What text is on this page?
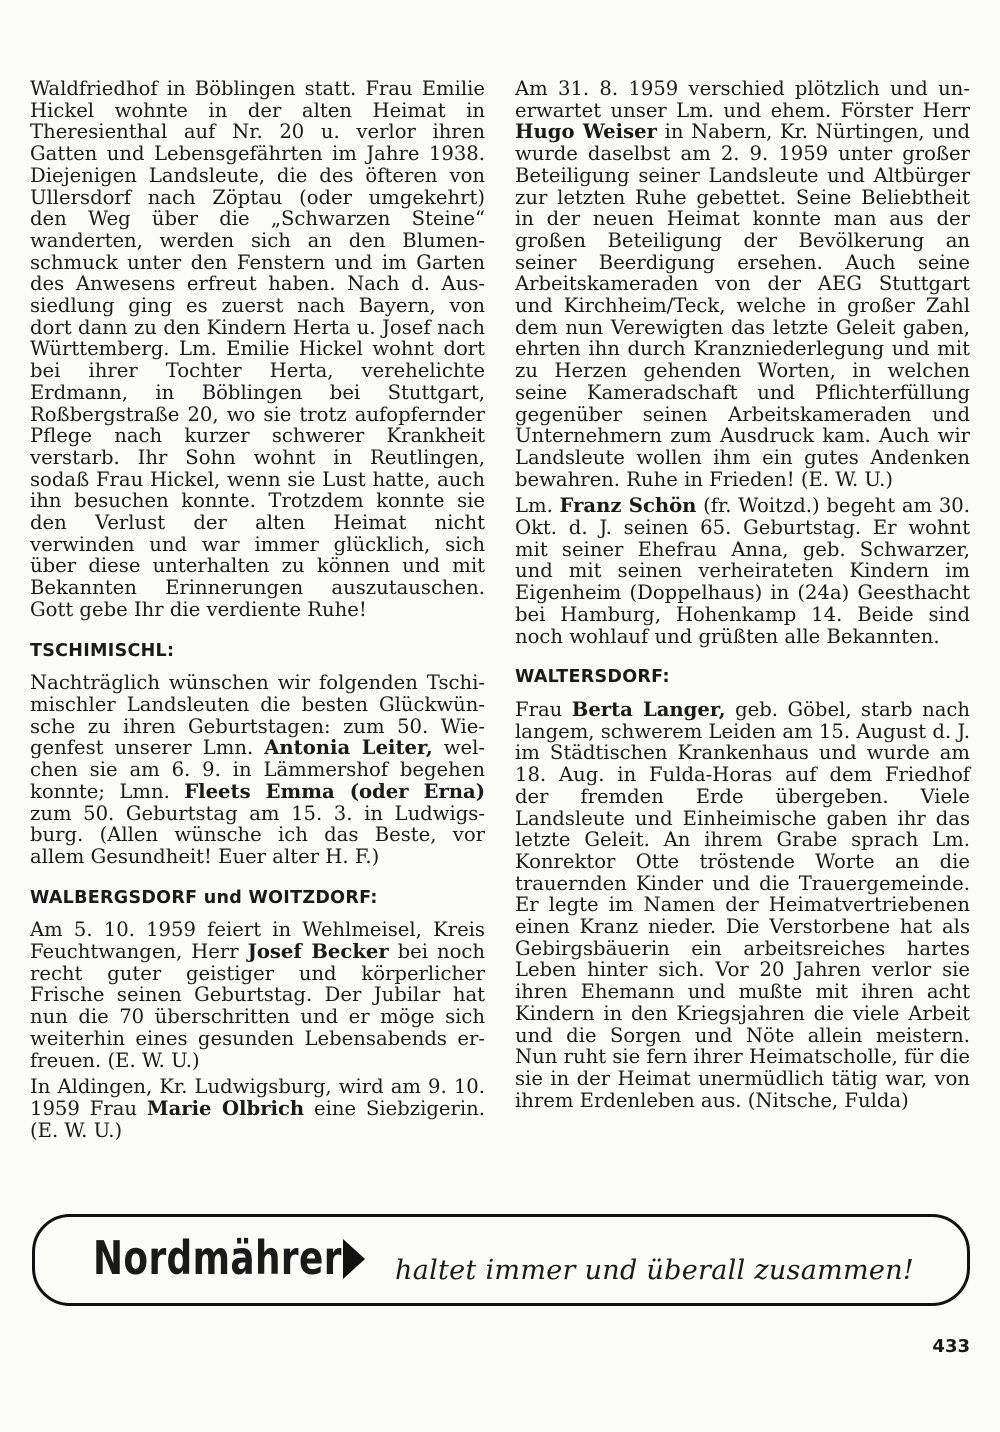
Waldfriedhof in Böblingen statt. Frau Emilie Hickel wohnte in der alten Heimat in Theresienthal auf Nr. 20 u. verlor ihren Gatten und Lebensgefährten im Jahre 1938. Diejenigen Landsleute, die des öfteren von Ullersdorf nach Zöptau (oder umgekehrt) den Weg über die „Schwarzen Steine“ wanderten, werden sich an den Blumenschmuck unter den Fenstern und im Garten des Anwesens erfreut haben. Nach d. Aussiedlung ging es zuerst nach Bayern, von dort dann zu den Kindern Herta u. Josef nach Württemberg. Lm. Emilie Hickel wohnt dort bei ihrer Tochter Herta, verehelichte Erdmann, in Böblingen bei Stuttgart, Roßbergstraße 20, wo sie trotz aufopfernder Pflege nach kurzer schwerer Krankheit verstarb. Ihr Sohn wohnt in Reutlingen, sodaß Frau Hickel, wenn sie Lust hatte, auch ihn besuchen konnte. Trotzdem konnte sie den Verlust der alten Heimat nicht verwinden und war immer glücklich, sich über diese unterhalten zu können und mit Bekannten Erinnerungen auszutauschen. Gott gebe Ihr die verdiente Ruhe!

TSCHIMISCHL:

Nachträglich wünschen wir folgenden Tschimischler Landsleuten die besten Glückwünsche zu ihren Geburtstagen: zum 50. Wiegenfest unserer Lmn. Antonia Leiter, welchen sie am 6. 9. in Lämmershof begehen konnte; Lmn. Fleets Emma (oder Erna) zum 50. Geburtstag am 15. 3. in Ludwigsburg. (Allen wünsche ich das Beste, vor allem Gesundheit! Euer alter H. F.)

WALBERGSDORF und WOITZDORF:

Am 5. 10. 1959 feiert in Wehlmeisel, Kreis Feuchtwangen, Herr Josef Becker bei noch recht guter geistiger und körperlicher Frische seinen Geburtstag. Der Jubilar hat nun die 70 überschritten und er möge sich weiterhin eines gesunden Lebensabends erfreuen. (E. W. U.)

In Aldingen, Kr. Ludwigsburg, wird am 9. 10. 1959 Frau Marie Olbrich eine Siebzigerin. (E. W. U.)

Am 31. 8. 1959 verschied plötzlich und unerwartet unser Lm. und ehem. Förster Herr Hugo Weiser in Nabern, Kr. Nürtingen, und wurde daselbst am 2. 9. 1959 unter großer Beteiligung seiner Landsleute und Altbürger zur letzten Ruhe gebettet. Seine Beliebtheit in der neuen Heimat konnte man aus der großen Beteiligung der Bevölkerung an seiner Beerdigung ersehen. Auch seine Arbeitskameraden von der AEG Stuttgart und Kirchheim/Teck, welche in großer Zahl dem nun Verewigten das letzte Geleit gaben, ehrten ihn durch Kranzniederlegung und mit zu Herzen gehenden Worten, in welchen seine Kameradschaft und Pflichterfüllung gegenüber seinen Arbeitskameraden und Unternehmern zum Ausdruck kam. Auch wir Landsleute wollen ihm ein gutes Andenken bewahren. Ruhe in Frieden! (E. W. U.)

Lm. Franz Schön (fr. Woitzd.) begeht am 30. Okt. d. J. seinen 65. Geburtstag. Er wohnt mit seiner Ehefrau Anna, geb. Schwarzer, und mit seinen verheirateten Kindern im Eigenheim (Doppelhaus) in (24a) Geesthacht bei Hamburg, Hohenkamp 14. Beide sind noch wohlauf und grüßten alle Bekannten.

WALTERSDORF:

Frau Berta Langer, geb. Göbel, starb nach langem, schwerem Leiden am 15. August d. J. im Städtischen Krankenhaus und wurde am 18. Aug. in Fulda-Horas auf dem Friedhof der fremden Erde übergeben. Viele Landsleute und Einheimische gaben ihr das letzte Geleit. An ihrem Grabe sprach Lm. Konrektor Otte tröstende Worte an die trauernden Kinder und die Trauergemeinde. Er legte im Namen der Heimatvertriebenen einen Kranz nieder. Die Verstorbene hat als Gebirgsbäuerin ein arbeitsreiches hartes Leben hinter sich. Vor 20 Jahren verlor sie ihren Ehemann und mußte mit ihren acht Kindern in den Kriegsjahren die viele Arbeit und die Sorgen und Nöte allein meistern. Nun ruht sie fern ihrer Heimatscholle, für die sie in der Heimat unermüdlich tätig war, von ihrem Erdenleben aus. (Nitsche, Fulda)

Nordmährer haltet immer und überall zusammen!
433
